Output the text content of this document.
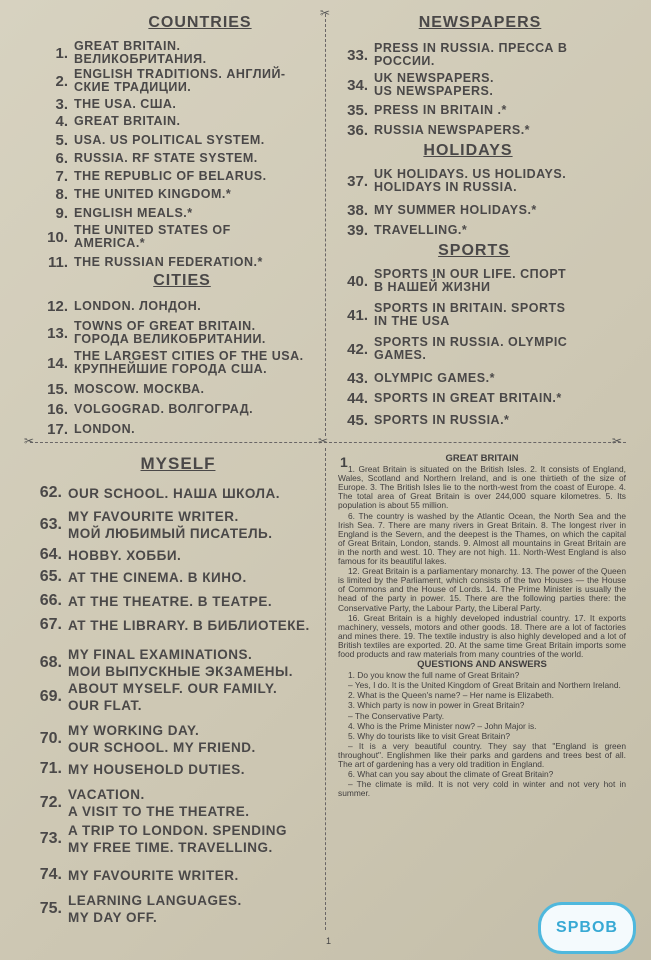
✂	✂	✂
✂
COUNTRIES
1. GREAT BRITAIN.
ВЕЛИКОБРИТАНИЯ.
2. ENGLISH TRADITIONS. АНГЛИЙ-
СКИЕ ТРАДИЦИИ.
3. THE USA. США.
4. GREAT BRITAIN.
5. USA. US POLITICAL SYSTEM.
6. RUSSIA. RF STATE SYSTEM.
7. THE REPUBLIC OF BELARUS.
8. THE UNITED KINGDOM.*
9. ENGLISH MEALS.*
10. THE UNITED STATES OF
AMERICA.*
11. THE RUSSIAN FEDERATION.*
CITIES
12. LONDON. ЛОНДОН.
13. TOWNS OF GREAT BRITAIN.
ГОРОДА ВЕЛИКОБРИТАНИИ.
14. THE LARGEST CITIES OF THE USA.
КРУПНЕЙШИЕ ГОРОДА США.
15. MOSCOW. МОСКВА.
16. VOLGOGRAD. ВОЛГОГРАД.
17. LONDON.
NEWSPAPERS
33. PRESS IN RUSSIA. ПРЕССА В
РОССИИ.
34. UK NEWSPAPERS.
US NEWSPAPERS.
35. PRESS IN BRITAIN .*
36. RUSSIA NEWSPAPERS.*
HOLIDAYS
37. UK HOLIDAYS. US HOLIDAYS.
HOLIDAYS IN RUSSIA.
38. MY SUMMER HOLIDAYS.*
39. TRAVELLING.*
SPORTS
40. SPORTS IN OUR LIFE. СПОРТ
В НАШЕЙ ЖИЗНИ
41. SPORTS IN BRITAIN. SPORTS
IN THE USA
42. SPORTS IN RUSSIA. OLYMPIC
GAMES.
43. OLYMPIC GAMES.*
44. SPORTS IN GREAT BRITAIN.*
45. SPORTS IN RUSSIA.*
MYSELF
62. OUR SCHOOL. НАША ШКОЛА.
63. MY FAVOURITE WRITER.
МОЙ ЛЮБИМЫЙ ПИСАТЕЛЬ.
64. HOBBY. ХОББИ.
65. AT THE CINEMA. В КИНО.
66. AT THE THEATRE. В ТЕАТРЕ.
67. AT THE LIBRARY. В БИБЛИОТЕКЕ.
68. MY FINAL EXAMINATIONS.
МОИ ВЫПУСКНЫЕ ЭКЗАМЕНЫ.
69. ABOUT MYSELF. OUR FAMILY.
OUR FLAT.
70. MY WORKING DAY.
OUR SCHOOL. MY FRIEND.
71. MY HOUSEHOLD DUTIES.
72. VACATION.
A VISIT TO THE THEATRE.
73. A TRIP TO LONDON. SPENDING
MY FREE TIME. TRAVELLING.
74. MY FAVOURITE WRITER.
75. LEARNING LANGUAGES.
MY DAY OFF.
1	GREAT BRITAIN

1. Great Britain is situated on the British Isles. 2. It consists of England, Wales, Scotland and Northern Ireland, and is one thirtieth of the size of Europe. 3. The British Isles lie to the north-west from the coast of Europe. 4. The total area of Great Britain is over 244,000 square kilometres. 5. Its population is about 55 million.

6. The country is washed by the Atlantic Ocean, the North Sea and the Irish Sea. 7. There are many rivers in Great Britain. 8. The longest river in England is the Severn, and the deepest is the Thames, on which the capital of Great Britain, London, stands. 9. Almost all mountains in Great Britain are in the north and west. 10. They are not high. 11. North-West England is also famous for its beautiful lakes.

12. Great Britain is a parliamentary monarchy. 13. The power of the Queen is limited by the Parliament, which consists of the two Houses — the House of Commons and the House of Lords. 14. The Prime Minister is usually the head of the party in power. 15. There are the following parties there: the Conservative Party, the Labour Party, the Liberal Party.

16. Great Britain is a highly developed industrial country. 17. It exports machinery, vessels, motors and other goods. 18. There are a lot of factories and mines there. 19. The textile industry is also highly developed and a lot of British textiles are exported. 20. At the same time Great Britain imports some food products and raw materials from many countries of the world.

QUESTIONS AND ANSWERS

1. Do you know the full name of Great Britain?

– Yes, I do. It is the United Kingdom of Great Britain and Northern Ireland.

2. What is the Queen's name? – Her name is Elizabeth.

3. Which party is now in power in Great Britain?

– The Conservative Party.

4. Who is the Prime Minister now? – John Major is.

5. Why do tourists like to visit Great Britain?

– It is a very beautiful country. They say that "England is green throughout". Englishmen like their parks and gardens and trees best of all. The art of gardening has a very old tradition in England.

6. What can you say about the climate of Great Britain?

– The climate is mild. It is not very cold in winter and not very hot in summer.

1
SPBOB
